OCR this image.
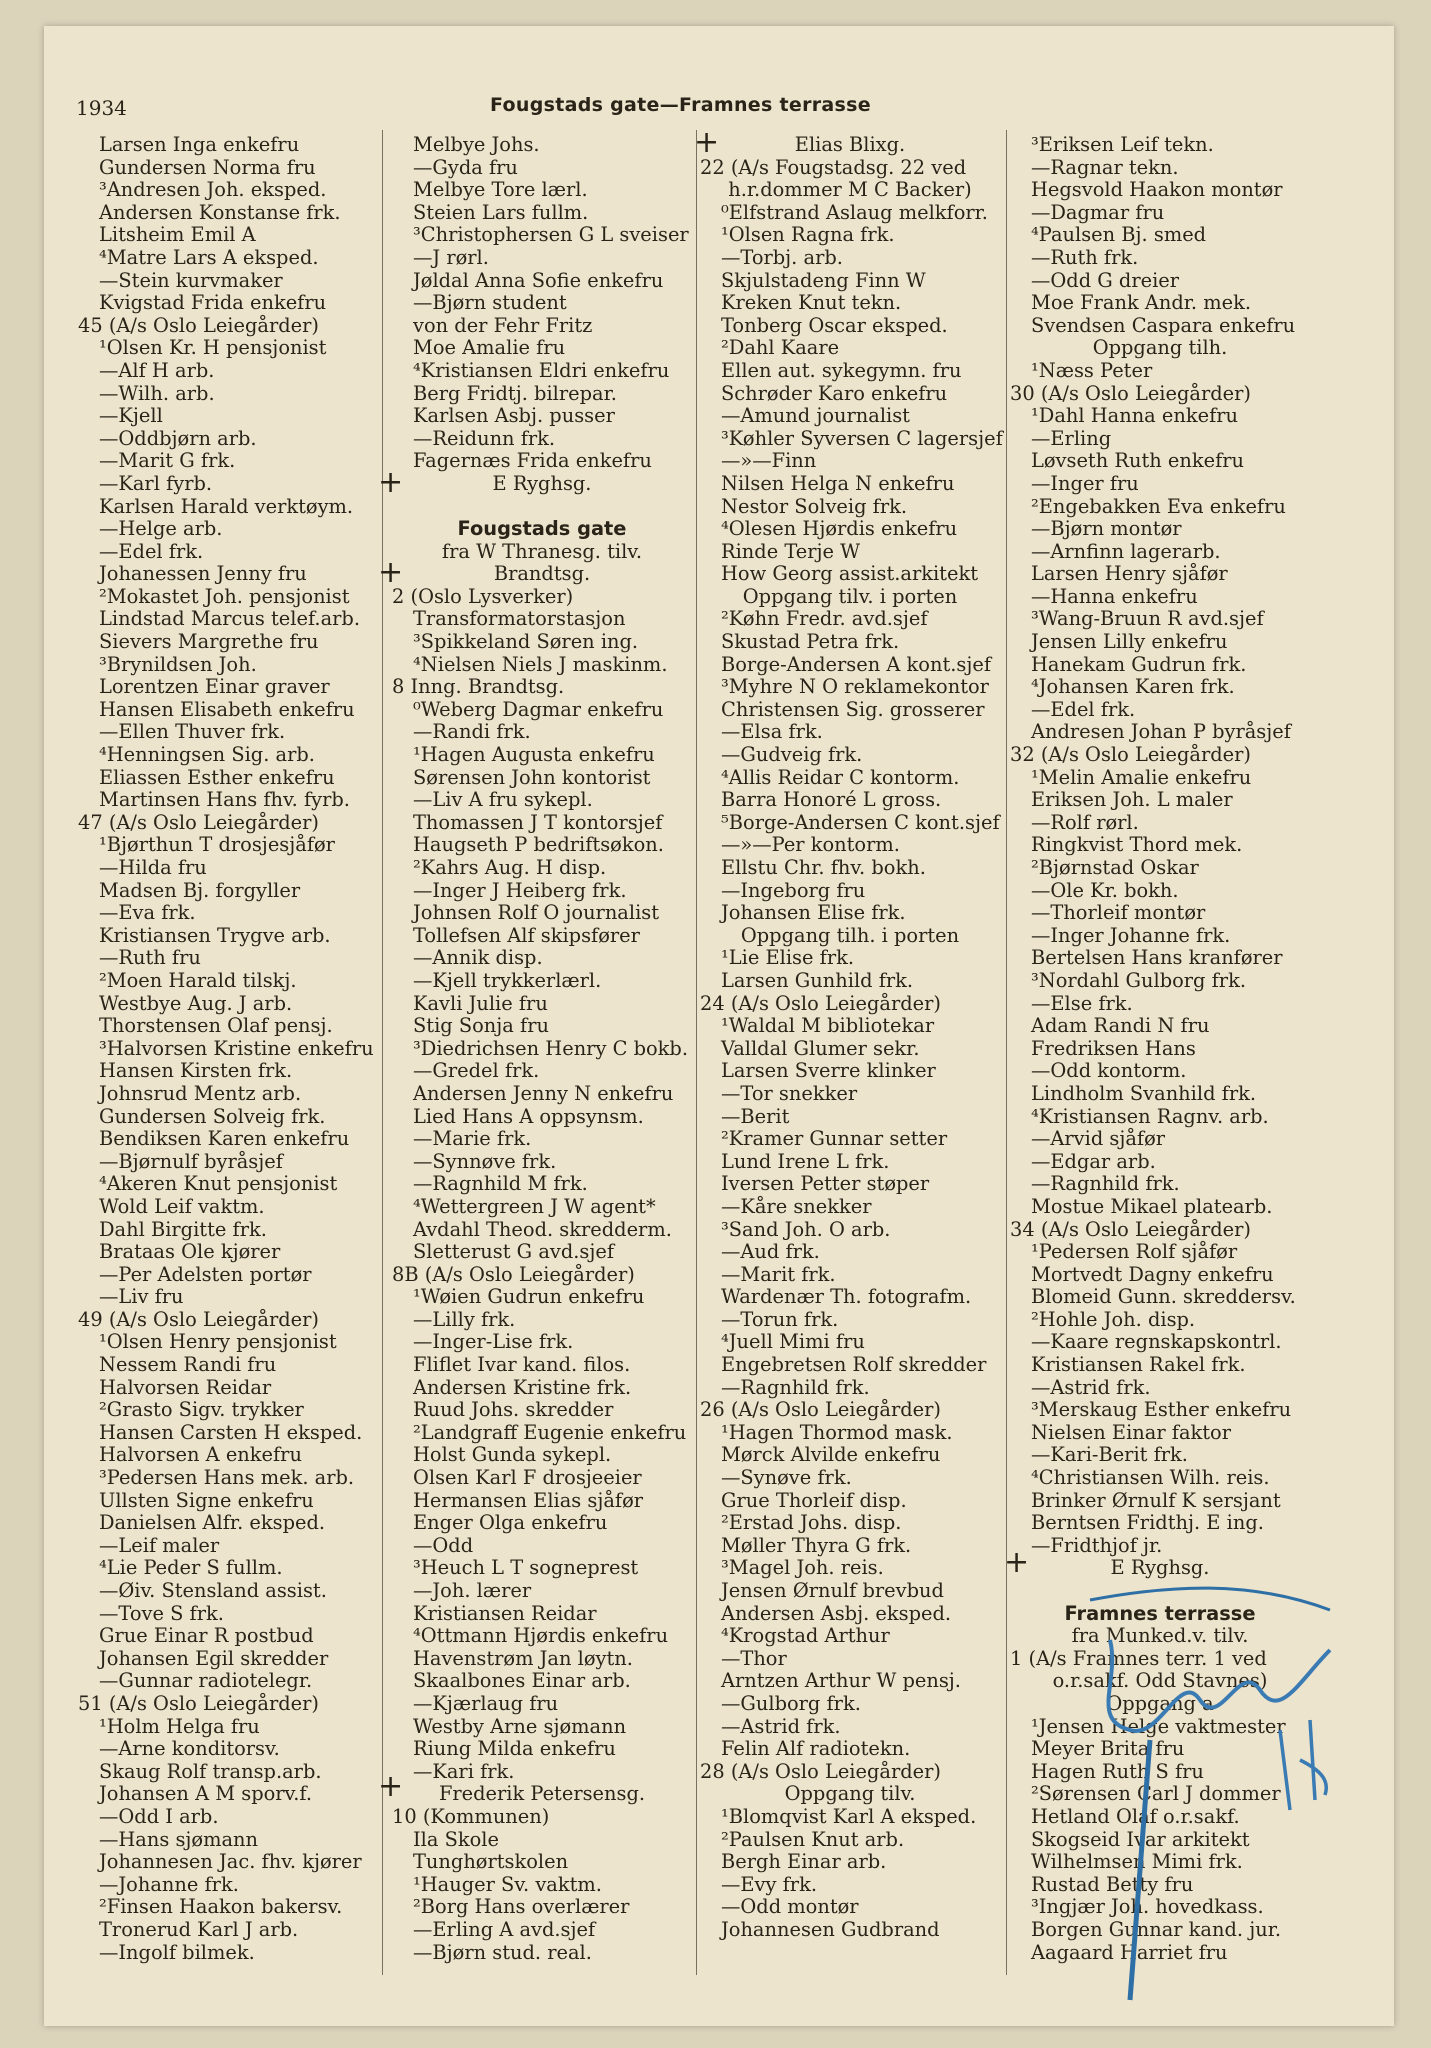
1934	Fougstads gate—Framnes terrasse
Larsen Inga enkefru
Gundersen Norma fru
³Andresen Joh. eksped.
Andersen Konstanse frk.
Litsheim Emil A
⁴Matre Lars A eksped.
—Stein kurvmaker
Kvigstad Frida enkefru
45 (A/s Oslo Leiegårder)
¹Olsen Kr. H pensjonist
—Alf H arb.
—Wilh. arb.
—Kjell
—Oddbjørn arb.
—Marit G frk.
—Karl fyrb.
Karlsen Harald verktøym.
—Helge arb.
—Edel frk.
Johanessen Jenny fru
²Mokastet Joh. pensjonist
Lindstad Marcus telef.arb.
Sievers Margrethe fru
³Brynildsen Joh.
Lorentzen Einar graver
Hansen Elisabeth enkefru
—Ellen Thuver frk.
⁴Henningsen Sig. arb.
Eliassen Esther enkefru
Martinsen Hans fhv. fyrb.
47 (A/s Oslo Leiegårder)
¹Bjørthun T drosjesjåfør
—Hilda fru
Madsen Bj. forgyller
—Eva frk.
Kristiansen Trygve arb.
—Ruth fru
²Moen Harald tilskj.
Westbye Aug. J arb.
Thorstensen Olaf pensj.
³Halvorsen Kristine enkefru
Hansen Kirsten frk.
Johnsrud Mentz arb.
Gundersen Solveig frk.
Bendiksen Karen enkefru
—Bjørnulf byråsjef
⁴Akeren Knut pensjonist
Wold Leif vaktm.
Dahl Birgitte frk.
Brataas Ole kjører
—Per Adelsten portør
—Liv fru
49 (A/s Oslo Leiegårder)
¹Olsen Henry pensjonist
Nessem Randi fru
Halvorsen Reidar
²Grasto Sigv. trykker
Hansen Carsten H eksped.
Halvorsen A enkefru
³Pedersen Hans mek. arb.
Ullsten Signe enkefru
Danielsen Alfr. eksped.
—Leif maler
⁴Lie Peder S fullm.
—Øiv. Stensland assist.
—Tove S frk.
Grue Einar R postbud
Johansen Egil skredder
—Gunnar radiotelegr.
51 (A/s Oslo Leiegårder)
¹Holm Helga fru
—Arne konditorsv.
Skaug Rolf transp.arb.
Johansen A M sporv.f.
—Odd I arb.
—Hans sjømann
Johannesen Jac. fhv. kjører
—Johanne frk.
²Finsen Haakon bakersv.
Tronerud Karl J arb.
—Ingolf bilmek.
Melbye Johs.
—Gyda fru
Melbye Tore lærl.
Steien Lars fullm.
³Christophersen G L sveiser
—J rørl.
Jøldal Anna Sofie enkefru
—Bjørn student
von der Fehr Fritz
Moe Amalie fru
⁴Kristiansen Eldri enkefru
Berg Fridtj. bilrepar.
Karlsen Asbj. pusser
—Reidunn frk.
Fagernæs Frida enkefru
E Ryghsg.
Fougstads gate
fra W Thranesg. tilv.
Brandtsg.
2 (Oslo Lysverker)
Transformatorstasjon
³Spikkeland Søren ing.
⁴Nielsen Niels J maskinm.
8 Inng. Brandtsg.
⁰Weberg Dagmar enkefru
—Randi frk.
¹Hagen Augusta enkefru
Sørensen John kontorist
—Liv A fru sykepl.
Thomassen J T kontorsjef
Haugseth P bedriftsøkon.
²Kahrs Aug. H disp.
—Inger J Heiberg frk.
Johnsen Rolf O journalist
Tollefsen Alf skipsfører
—Annik disp.
—Kjell trykkerlærl.
Kavli Julie fru
Stig Sonja fru
³Diedrichsen Henry C bokb.
—Gredel frk.
Andersen Jenny N enkefru
Lied Hans A oppsynsm.
—Marie frk.
—Synnøve frk.
—Ragnhild M frk.
⁴Wettergreen J W agent*
Avdahl Theod. skredderm.
Sletterust G avd.sjef
8B (A/s Oslo Leiegårder)
¹Wøien Gudrun enkefru
—Lilly frk.
—Inger-Lise frk.
Fliflet Ivar kand. filos.
Andersen Kristine frk.
Ruud Johs. skredder
²Landgraff Eugenie enkefru
Holst Gunda sykepl.
Olsen Karl F drosjeeier
Hermansen Elias sjåfør
Enger Olga enkefru
—Odd
³Heuch L T sogneprest
—Joh. lærer
Kristiansen Reidar
⁴Ottmann Hjørdis enkefru
Havenstrøm Jan løytn.
Skaalbones Einar arb.
—Kjærlaug fru
Westby Arne sjømann
Riung Milda enkefru
—Kari frk.
Frederik Petersensg.
10 (Kommunen)
Ila Skole
Tunghørtskolen
¹Hauger Sv. vaktm.
²Borg Hans overlærer
—Erling A avd.sjef
—Bjørn stud. real.
Elias Blixg.
22 (A/s Fougstadsg. 22 ved
h.r.dommer M C Backer)
⁰Elfstrand Aslaug melkforr.
¹Olsen Ragna frk.
—Torbj. arb.
Skjulstadeng Finn W
Kreken Knut tekn.
Tonberg Oscar eksped.
²Dahl Kaare
Ellen aut. sykegymn. fru
Schrøder Karo enkefru
—Amund journalist
³Køhler Syversen C lagersjef
—»—Finn
Nilsen Helga N enkefru
Nestor Solveig frk.
⁴Olesen Hjørdis enkefru
Rinde Terje W
How Georg assist.arkitekt
Oppgang tilv. i porten
²Køhn Fredr. avd.sjef
Skustad Petra frk.
Borge-Andersen A kont.sjef
³Myhre N O reklamekontor
Christensen Sig. grosserer
—Elsa frk.
—Gudveig frk.
⁴Allis Reidar C kontorm.
Barra Honoré L gross.
⁵Borge-Andersen C kont.sjef
—»—Per kontorm.
Ellstu Chr. fhv. bokh.
—Ingeborg fru
Johansen Elise frk.
Oppgang tilh. i porten
¹Lie Elise frk.
Larsen Gunhild frk.
24 (A/s Oslo Leiegårder)
¹Waldal M bibliotekar
Valldal Glumer sekr.
Larsen Sverre klinker
—Tor snekker
—Berit
²Kramer Gunnar setter
Lund Irene L frk.
Iversen Petter støper
—Kåre snekker
³Sand Joh. O arb.
—Aud frk.
—Marit frk.
Wardenær Th. fotografm.
—Torun frk.
⁴Juell Mimi fru
Engebretsen Rolf skredder
—Ragnhild frk.
26 (A/s Oslo Leiegårder)
¹Hagen Thormod mask.
Mørck Alvilde enkefru
—Synøve frk.
Grue Thorleif disp.
²Erstad Johs. disp.
Møller Thyra G frk.
³Magel Joh. reis.
Jensen Ørnulf brevbud
Andersen Asbj. eksped.
⁴Krogstad Arthur
—Thor
Arntzen Arthur W pensj.
—Gulborg frk.
—Astrid frk.
Felin Alf radiotekn.
28 (A/s Oslo Leiegårder)
Oppgang tilv.
¹Blomqvist Karl A eksped.
²Paulsen Knut arb.
Bergh Einar arb.
—Evy frk.
—Odd montør
Johannesen Gudbrand
³Eriksen Leif tekn.
—Ragnar tekn.
Hegsvold Haakon montør
—Dagmar fru
⁴Paulsen Bj. smed
—Ruth frk.
—Odd G dreier
Moe Frank Andr. mek.
Svendsen Caspara enkefru
Oppgang tilh.
¹Næss Peter
30 (A/s Oslo Leiegårder)
¹Dahl Hanna enkefru
—Erling
Løvseth Ruth enkefru
—Inger fru
²Engebakken Eva enkefru
—Bjørn montør
—Arnfinn lagerarb.
Larsen Henry sjåfør
—Hanna enkefru
³Wang-Bruun R avd.sjef
Jensen Lilly enkefru
Hanekam Gudrun frk.
⁴Johansen Karen frk.
—Edel frk.
Andresen Johan P byråsjef
32 (A/s Oslo Leiegårder)
¹Melin Amalie enkefru
Eriksen Joh. L maler
—Rolf rørl.
Ringkvist Thord mek.
²Bjørnstad Oskar
—Ole Kr. bokh.
—Thorleif montør
—Inger Johanne frk.
Bertelsen Hans kranfører
³Nordahl Gulborg frk.
—Else frk.
Adam Randi N fru
Fredriksen Hans
—Odd kontorm.
Lindholm Svanhild frk.
⁴Kristiansen Ragnv. arb.
—Arvid sjåfør
—Edgar arb.
—Ragnhild frk.
Mostue Mikael platearb.
34 (A/s Oslo Leiegårder)
¹Pedersen Rolf sjåfør
Mortvedt Dagny enkefru
Blomeid Gunn. skreddersv.
²Hohle Joh. disp.
—Kaare regnskapskontrl.
Kristiansen Rakel frk.
—Astrid frk.
³Merskaug Esther enkefru
Nielsen Einar faktor
—Kari-Berit frk.
⁴Christiansen Wilh. reis.
Brinker Ørnulf K sersjant
Berntsen Fridthj. E ing.
—Fridthjof jr.
E Ryghsg.
Framnes terrasse
fra Munked.v. tilv.
1 (A/s Framnes terr. 1 ved
o.r.sakf. Odd Stavnes)
Oppgang a
¹Jensen Helge vaktmester
Meyer Brita fru
Hagen Ruth S fru
²Sørensen Carl J dommer
Hetland Olaf o.r.sakf.
Skogseid Ivar arkitekt
Wilhelmsen Mimi frk.
Rustad Betty fru
³Ingjær Joh. hovedkass.
Borgen Gunnar kand. jur.
Aagaard Harriet fru
+
+
+
+
+
